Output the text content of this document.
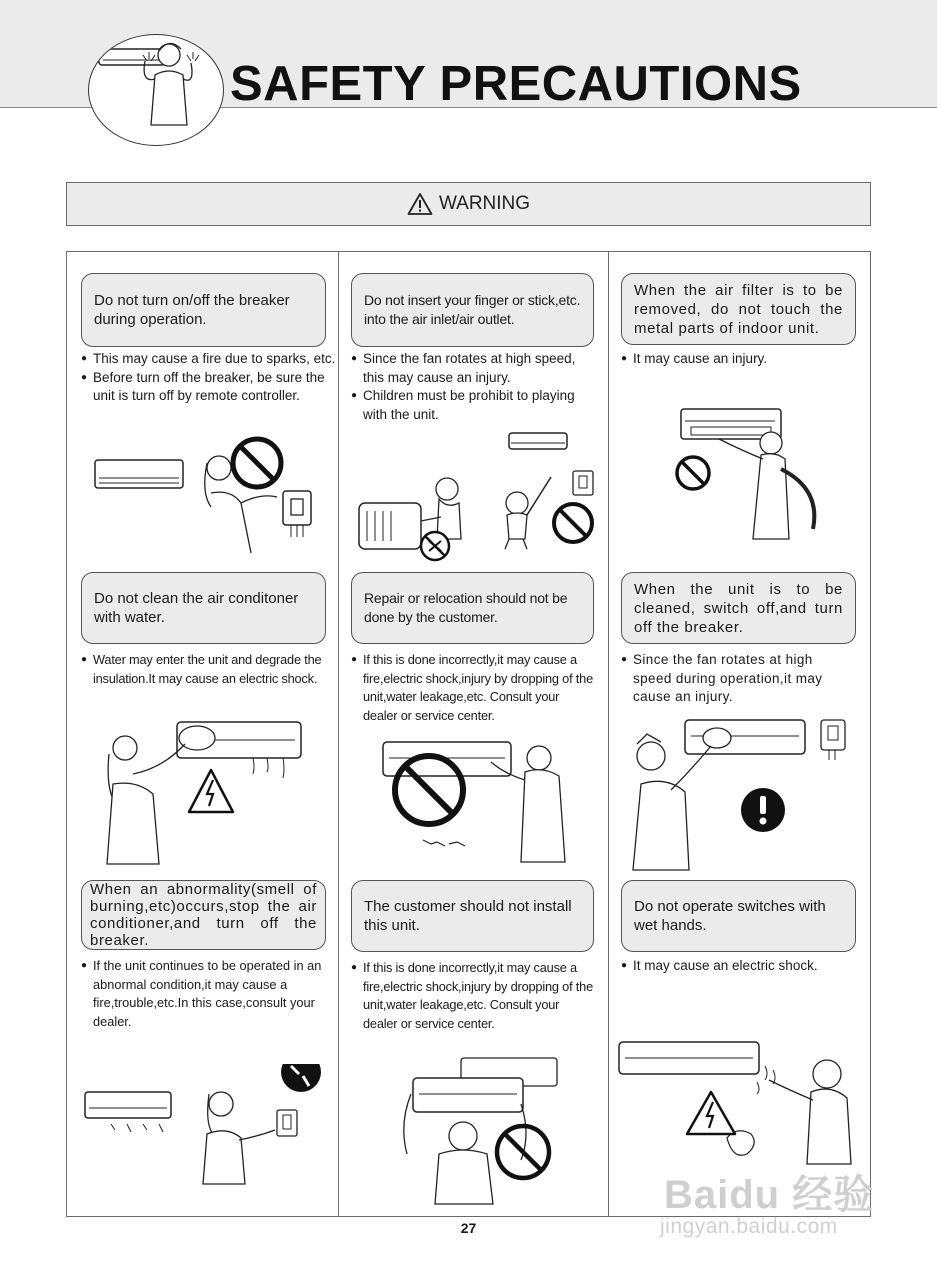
SAFETY PRECAUTIONS
WARNING
Do not turn on/off the breaker during operation.
● This may cause a fire due to sparks, etc.
● Before turn off the breaker, be sure the unit is turn off by remote controller.
Do not insert your finger or stick,etc. into the air inlet/air outlet.
● Since the fan rotates at high speed, this may cause an injury.
● Children must be prohibit to playing with the unit.
When the air filter is to be removed, do not touch the metal parts of indoor unit.
● It may cause an injury.
Do not clean the air conditoner with water.
● Water may enter the unit and degrade the insulation.It may cause an electric shock.
Repair or relocation should not be done by the customer.
● If this is done incorrectly,it may cause a fire,electric shock,injury by dropping of the unit,water leakage,etc. Consult your dealer or service center.
When the unit is to be cleaned, switch off,and turn off the breaker.
● Since the fan rotates at high speed during operation,it may cause an injury.
When an abnormality(smell of burning,etc)occurs,stop the air conditioner,and turn off the breaker.
● If the unit continues to be operated in an abnormal condition,it may cause a fire,trouble,etc.In this case,consult your dealer.
The customer should not install this unit.
● If this is done incorrectly,it may cause a fire,electric shock,injury by dropping of the unit,water leakage,etc. Consult your dealer or service center.
Do not operate switches with wet hands.
● It may cause an electric shock.
27
Baidu 经验
jingyan.baidu.com
